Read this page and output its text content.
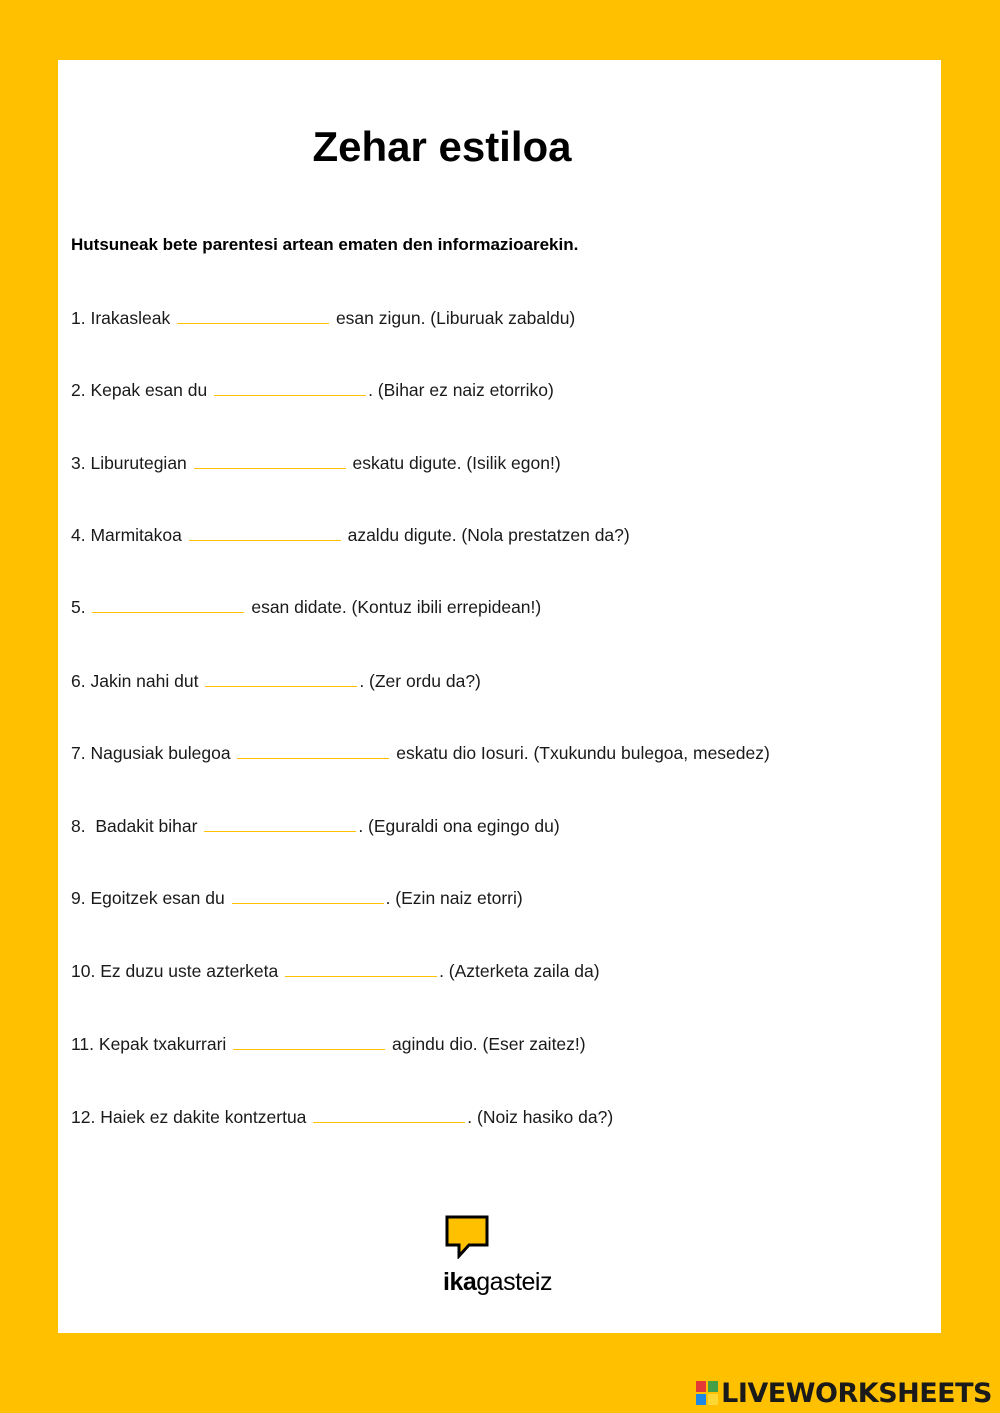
Zehar estiloa
Hutsuneak bete parentesi artean ematen den informazioarekin.
1. Irakasleak	esan zigun. (Liburuak zabaldu)
2. Kepak esan du	. (Bihar ez naiz etorriko)
3. Liburutegian	eskatu digute. (Isilik egon!)
4. Marmitakoa	azaldu digute. (Nola prestatzen da?)
5.	esan didate. (Kontuz ibili errepidean!)
6. Jakin nahi dut	. (Zer ordu da?)
7. Nagusiak bulegoa	eskatu dio Iosuri. (Txukundu bulegoa, mesedez)
8.  Badakit bihar	. (Eguraldi ona egingo du)
9. Egoitzek esan du	. (Ezin naiz etorri)
10. Ez duzu uste azterketa	. (Azterketa zaila da)
11. Kepak txakurrari	agindu dio. (Eser zaitez!)
12. Haiek ez dakite kontzertua	. (Noiz hasiko da?)
ikagasteiz
LIVEWORKSHEETS
